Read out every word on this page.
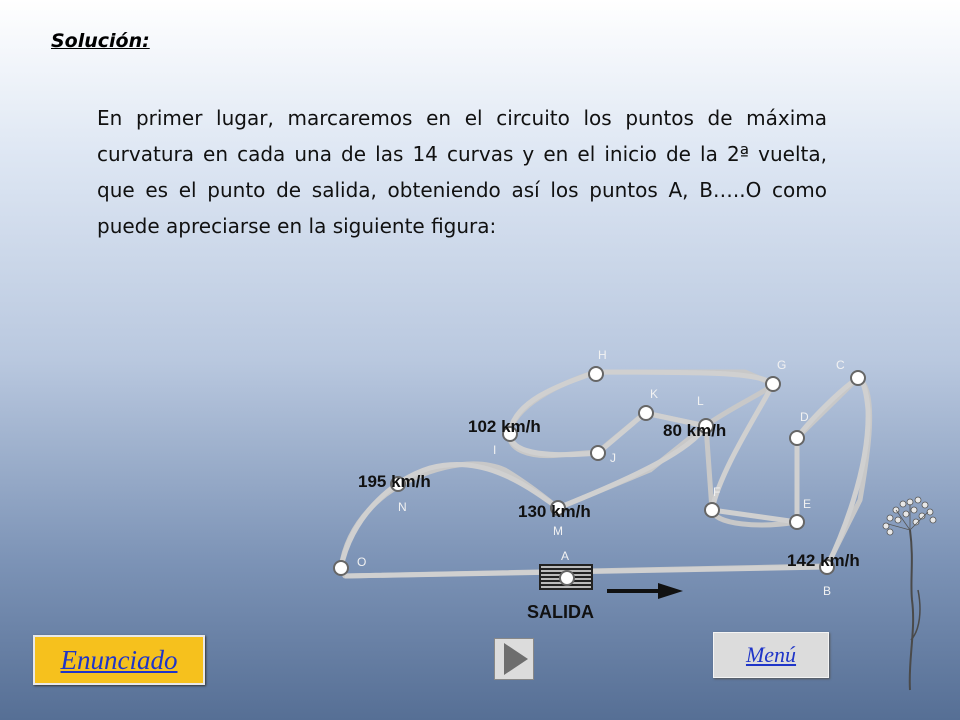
Solución:
En primer lugar, marcaremos en el circuito los puntos de máxima curvatura en cada una de las 14 curvas y en el inicio de la 2ª vuelta, que es el punto de salida, obteniendo así los puntos A, B…..O como puede apreciarse en la siguiente figura:
A
B
C
D
E
F
G
H
I
J
K	L
M
N
O
102 km/h	80 km/h
195 km/h
130 km/h
142 km/h
SALIDA
Enunciado	Menú
